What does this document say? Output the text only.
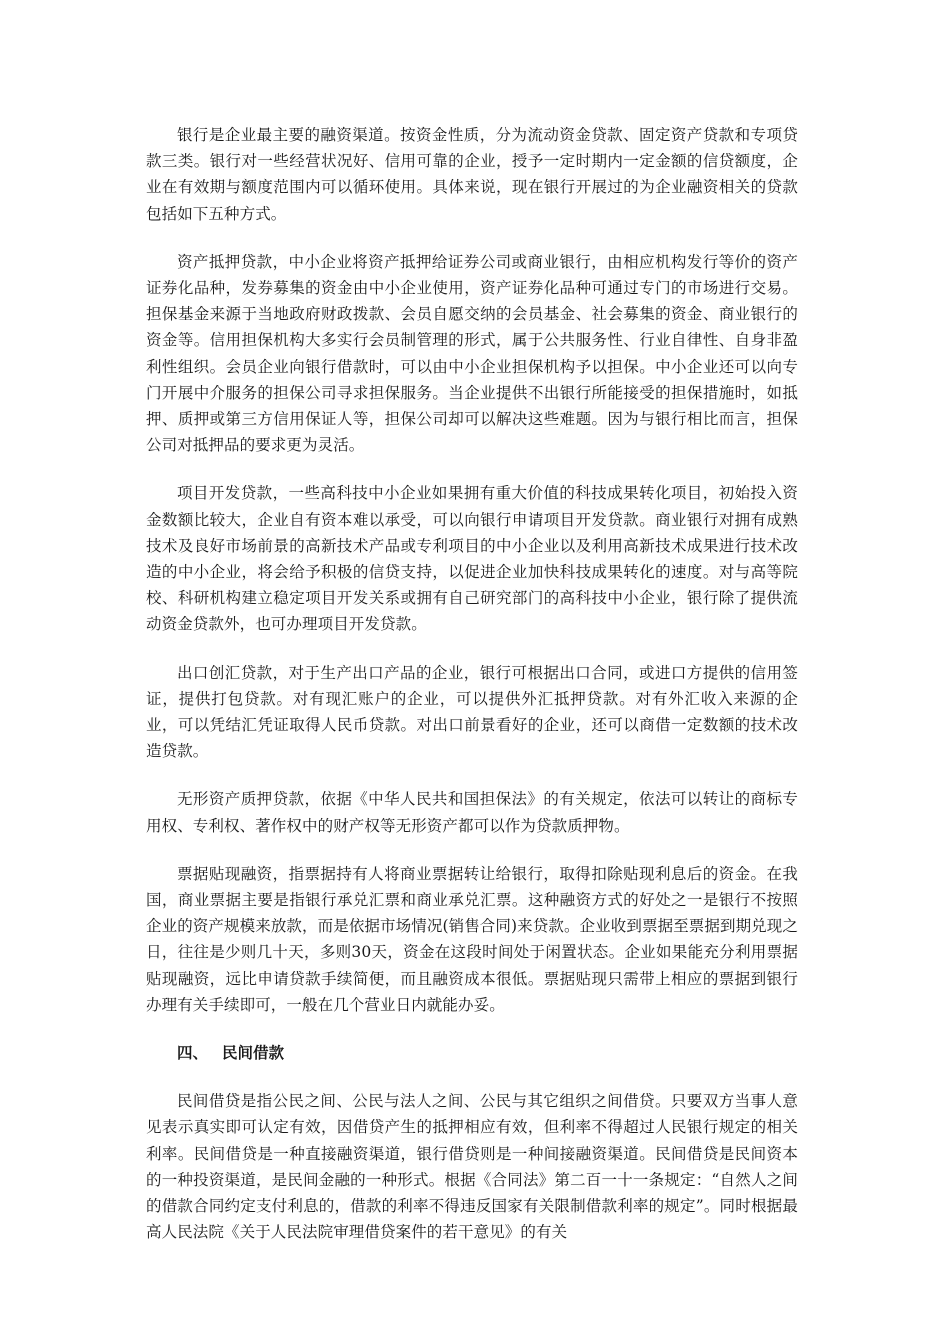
银行是企业最主要的融资渠道。按资金性质，分为流动资金贷款、固定资产贷款和专项贷款三类。银行对一些经营状况好、信用可靠的企业，授予一定时期内一定金额的信贷额度，企业在有效期与额度范围内可以循环使用。具体来说，现在银行开展过的为企业融资相关的贷款包括如下五种方式。

资产抵押贷款，中小企业将资产抵押给证券公司或商业银行，由相应机构发行等价的资产证券化品种，发券募集的资金由中小企业使用，资产证券化品种可通过专门的市场进行交易。担保基金来源于当地政府财政拨款、会员自愿交纳的会员基金、社会募集的资金、商业银行的资金等。信用担保机构大多实行会员制管理的形式，属于公共服务性、行业自律性、自身非盈利性组织。会员企业向银行借款时，可以由中小企业担保机构予以担保。中小企业还可以向专门开展中介服务的担保公司寻求担保服务。当企业提供不出银行所能接受的担保措施时，如抵押、质押或第三方信用保证人等，担保公司却可以解决这些难题。因为与银行相比而言，担保公司对抵押品的要求更为灵活。

项目开发贷款，一些高科技中小企业如果拥有重大价值的科技成果转化项目，初始投入资金数额比较大，企业自有资本难以承受，可以向银行申请项目开发贷款。商业银行对拥有成熟技术及良好市场前景的高新技术产品或专利项目的中小企业以及利用高新技术成果进行技术改造的中小企业，将会给予积极的信贷支持，以促进企业加快科技成果转化的速度。对与高等院校、科研机构建立稳定项目开发关系或拥有自己研究部门的高科技中小企业，银行除了提供流动资金贷款外，也可办理项目开发贷款。

出口创汇贷款，对于生产出口产品的企业，银行可根据出口合同，或进口方提供的信用签证，提供打包贷款。对有现汇账户的企业，可以提供外汇抵押贷款。对有外汇收入来源的企业，可以凭结汇凭证取得人民币贷款。对出口前景看好的企业，还可以商借一定数额的技术改造贷款。

无形资产质押贷款，依据《中华人民共和国担保法》的有关规定，依法可以转让的商标专用权、专利权、著作权中的财产权等无形资产都可以作为贷款质押物。

票据贴现融资，指票据持有人将商业票据转让给银行，取得扣除贴现利息后的资金。在我国，商业票据主要是指银行承兑汇票和商业承兑汇票。这种融资方式的好处之一是银行不按照企业的资产规模来放款，而是依据市场情况(销售合同)来贷款。企业收到票据至票据到期兑现之日，往往是少则几十天，多则30天，资金在这段时间处于闲置状态。企业如果能充分利用票据贴现融资，远比申请贷款手续简便，而且融资成本很低。票据贴现只需带上相应的票据到银行办理有关手续即可，一般在几个营业日内就能办妥。

四、 民间借款

民间借贷是指公民之间、公民与法人之间、公民与其它组织之间借贷。只要双方当事人意见表示真实即可认定有效，因借贷产生的抵押相应有效，但利率不得超过人民银行规定的相关利率。民间借贷是一种直接融资渠道，银行借贷则是一种间接融资渠道。民间借贷是民间资本的一种投资渠道，是民间金融的一种形式。根据《合同法》第二百一十一条规定：“自然人之间的借款合同约定支付利息的，借款的利率不得违反国家有关限制借款利率的规定”。同时根据最高人民法院《关于人民法院审理借贷案件的若干意见》的有关
